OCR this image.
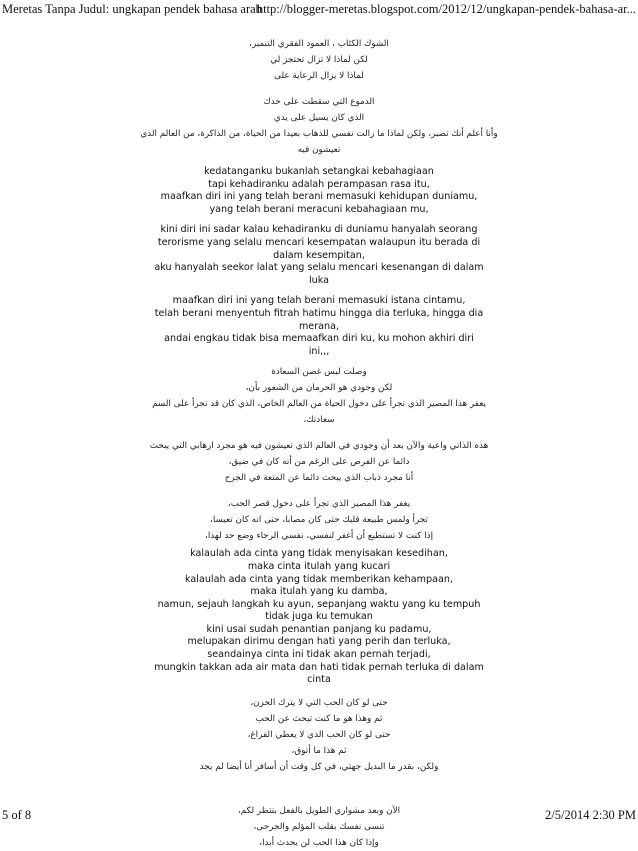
Meretas Tanpa Judul: ungkapan pendek bahasa arab
http://blogger-meretas.blogspot.com/2012/12/ungkapan-pendek-bahasa-ar...
الشوك الكئاب ، العمود الفقري التنمير،
لكن لماذا لا تزال تحتجز لي
لماذا لا يزال الرعاية على
الدموع التي سقطت على خدك
الذي كان يسيل على يدي
وأنا أعلم أنك تصبر، ولكن لماذا ما زالت نفسي للذهاب بعيدا من الحياة، من الذاكرة، من العالم الذي
تعيشون فيه
kedatanganku bukanlah setangkai kebahagiaan
tapi kehadiranku adalah perampasan rasa itu,
maafkan diri ini yang telah berani memasuki kehidupan duniamu,
yang telah berani meracuni kebahagiaan mu,
kini diri ini sadar kalau kehadiranku di duniamu hanyalah seorang
terorisme yang selalu mencari kesempatan walaupun itu berada di
dalam kesempitan,
aku hanyalah seekor lalat yang selalu mencari kesenangan di dalam
luka
maafkan diri ini yang telah berani memasuki istana cintamu,
telah berani menyentuh fitrah hatimu hingga dia terluka, hingga dia
merana,
andai engkau tidak bisa memaafkan diri ku, ku mohon akhiri diri
ini,,,
وصلت لبس غصن السعادة
لكن وجودي هو الحرمان من الشعور بأن،
يغفر هذا المصير الذي تجرأ على دخول الحياة من العالم الخاص، الذي كان قد تجرأ على السم
سعادتك،
هذه الذاتي واعية والآن بعد أن وجودي في العالم الذي تعيشون فيه هو مجرد ارهابي التي يبحث
دائما عن الفرص على الرغم من أنه كان في ضيق،
أنا مجرد ذباب الذي يبحث دائما عن المتعة في الجرح
يغفر هذا المصير الذي تجرأ على دخول قصر الحب،
تجرأ ولمس طبيعة قلبك حتى كان مصابا، حتى انه كان تعيسا،
إذا كنت لا تستطيع أن أغفر لنفسي، نفسي الرجاء وضع حد لهذا،
kalaulah ada cinta yang tidak menyisakan kesedihan,
maka cinta itulah yang kucari
kalaulah ada cinta yang tidak memberikan kehampaan,
maka itulah yang ku damba,
namun, sejauh langkah ku ayun, sepanjang waktu yang ku tempuh
tidak juga ku temukan
kini usai sudah penantian panjang ku padamu,
melupakan dirimu dengan hati yang perih dan terluka,
seandainya cinta ini tidak akan pernah terjadi,
mungkin takkan ada air mata dan hati tidak pernah terluka di dalam
cinta
حتى لو كان الحب التي لا يترك الحزن،
ثم وهذا هو ما كنت تبحث عن الحب
حتى لو كان الحب الذي لا يعطي الفراغ،
ثم هذا ما أتوق،
ولكن، بقدر ما البديل جهتي، في كل وقت أن أسافر أنا أيضا لم يجد
الآن وبعد مشواري الطويل بالفعل بنتظر لكم،
تنسى نفسك بقلب المؤلم والجرحى،
وإذا كان هذا الحب لن يحدث أبدا،
5 of 8	2/5/2014 2:30 PM
